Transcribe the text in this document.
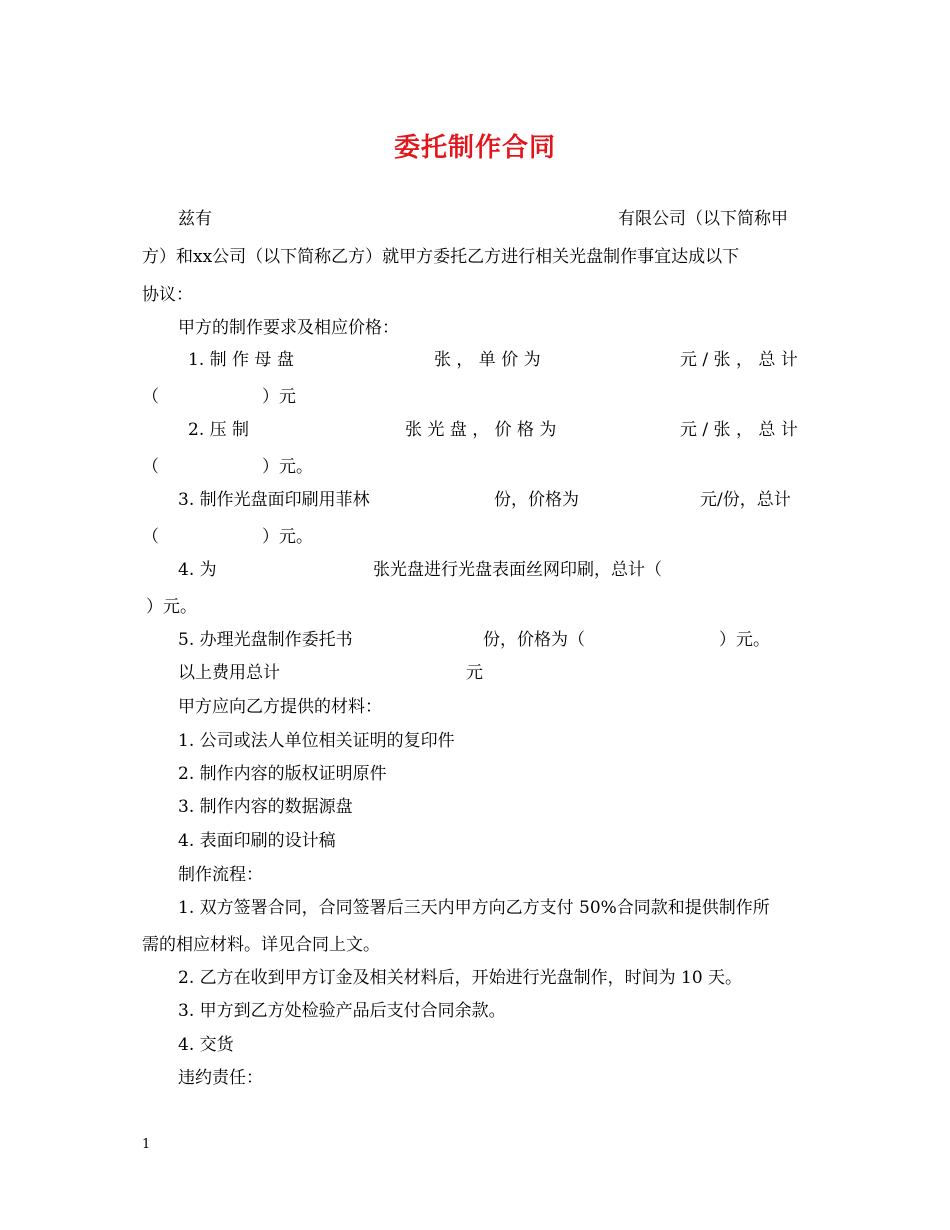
委托制作合同
兹有	有限公司（以下简称甲
方）和xx公司（以下简称乙方）就甲方委托乙方进行相关光盘制作事宜达成以下
协议：
甲方的制作要求及相应价格：
1. 制 作 母 盘	张 ， 单 价 为	元 / 张 ， 总 计
（	）元
2. 压 制	张 光 盘 ， 价 格 为	元 / 张 ， 总 计
（	）元。
3. 制作光盘面印刷用菲林	份，价格为	元/份，总计
（	）元。
4. 为	张光盘进行光盘表面丝网印刷，总计（
）元。
5. 办理光盘制作委托书	份，价格为（	）元。
以上费用总计	元
甲方应向乙方提供的材料：
1. 公司或法人单位相关证明的复印件
2. 制作内容的版权证明原件
3. 制作内容的数据源盘
4. 表面印刷的设计稿
制作流程：
1. 双方签署合同，合同签署后三天内甲方向乙方支付 50%合同款和提供制作所
需的相应材料。详见合同上文。
2. 乙方在收到甲方订金及相关材料后，开始进行光盘制作，时间为 10 天。
3. 甲方到乙方处检验产品后支付合同余款。
4. 交货
违约责任：
1
